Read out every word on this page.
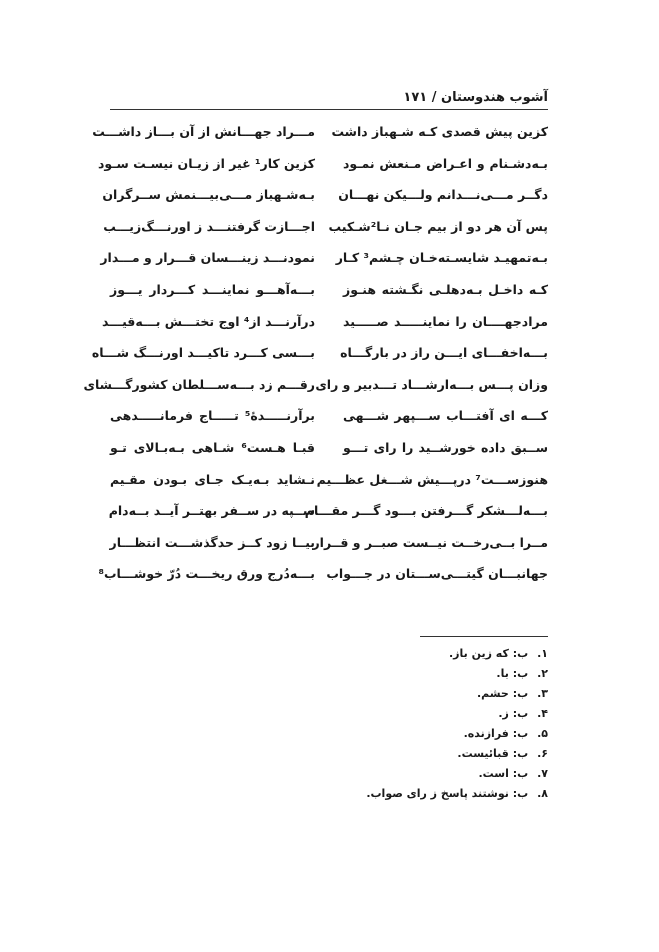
آشوب هندوستان / ۱۷۱
کزین پیش قصدی کـه شـهباز داشت
مـــراد جهـــانش از آن بـــاز داشـــت
بـه‌دشـنام و اعـراض مـنعش نمـود
کزین کار¹ غیر از زیـان نیسـت سـود
دگــر مـــی‌نـــدانم ولـــیکن نهـــان
بـه‌شـهباز مـــی‌بیـــنمش ســرگران
پس آن هر دو از بیم جـان نـا²شـکیب
اجـــازت گرفتنـــد ز اورنـــگ‌زیـــب
بـه‌تمهیـد شایسـته‌خـان چـشم³ کـار
نمودنـــد زینـــسان قـــرار و مـــدار
کـه داخـل بـه‌دهلـی نگـشته هنـوز
بـــه‌آهـــو نماینـــد کـــردار یـــوز
مرادجهــــان را نماینـــــد صـــــید
درآرنـــد از⁴ اوج تختـــش بـــه‌قیـــد
بـــه‌اخفـــای ایـــن راز در بارگـــاه
بـــسی کـــرد تاکیـــد اورنـــگ شـــاه
وزان پـــس بـــه‌ارشـــاد تـــدبیر و رای
رقـــم زد بـــه‌ســـلطان کشورگـــشای
کـــه ای آفتـــاب ســـپهر شـــهی
برآرنـــــدهٔ⁵ تـــــاج فرمانـــــدهی
ســبق داده خورشــید را رای تـــو
قبـا هـست⁶ شـاهی بـه‌بـالای تـو
هنوزســـت⁷ درپـــیش شـــغل عظـــیم
نـشاید بـه‌یـک جـای بـودن مقـیم
بـــه‌لـــشکر گـــرفتن بـــود گـــر مقـــام
ســپه در ســفر بهتــر آیــد بــه‌دام
مــرا بــی‌رخــت نیــست صبــر و قــرار
بیــا زود کــز حدگذشـــت انتظـــار
جهانبـــان گیتـــی‌ســـتان در جـــواب
بـــه‌دُرج ورق ریخـــت دُرّ خوشـــاب⁸
۱. ب: که زین باز.
۲. ب: با.
۳. ب: حشم.
۴. ب: ز.
۵. ب: فرازنده.
۶. ب: قبائیست.
۷. ب: است.
۸. ب: نوشتند پاسخ ز رای صواب.
